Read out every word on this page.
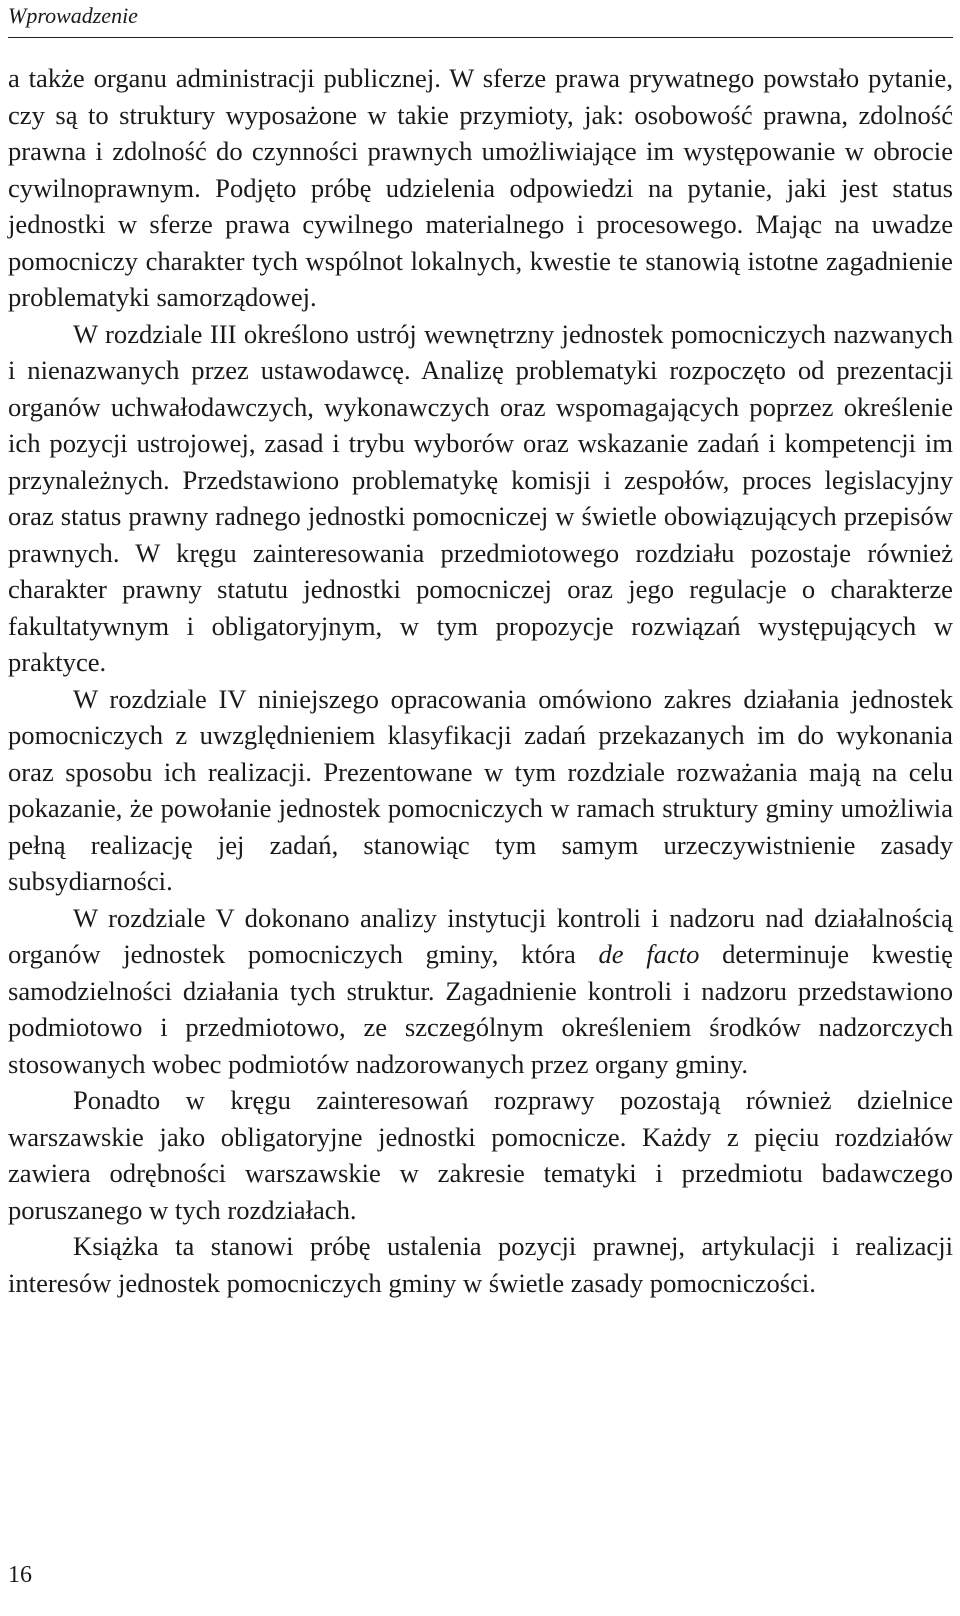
Wprowadzenie

a także organu administracji publicznej. W sferze prawa prywatnego powstało pytanie, czy są to struktury wyposażone w takie przymioty, jak: osobowość prawna, zdolność prawna i zdolność do czynności prawnych umożliwiające im występowanie w obrocie cywilnoprawnym. Podjęto próbę udzielenia odpowiedzi na pytanie, jaki jest status jednostki w sferze prawa cywilnego materialnego i procesowego. Mając na uwadze pomocniczy charakter tych wspólnot lokalnych, kwestie te stanowią istotne zagadnienie problematyki samorządowej.

W rozdziale III określono ustrój wewnętrzny jednostek pomocniczych nazwanych i nienazwanych przez ustawodawcę. Analizę problematyki rozpoczęto od prezentacji organów uchwałodawczych, wykonawczych oraz wspomagających poprzez określenie ich pozycji ustrojowej, zasad i trybu wyborów oraz wskazanie zadań i kompetencji im przynależnych. Przedstawiono problematykę komisji i zespołów, proces legislacyjny oraz status prawny radnego jednostki pomocniczej w świetle obowiązujących przepisów prawnych. W kręgu zainteresowania przedmiotowego rozdziału pozostaje również charakter prawny statutu jednostki pomocniczej oraz jego regulacje o charakterze fakultatywnym i obligatoryjnym, w tym propozycje rozwiązań występujących w praktyce.

W rozdziale IV niniejszego opracowania omówiono zakres działania jednostek pomocniczych z uwzględnieniem klasyfikacji zadań przekazanych im do wykonania oraz sposobu ich realizacji. Prezentowane w tym rozdziale rozważania mają na celu pokazanie, że powołanie jednostek pomocniczych w ramach struktury gminy umożliwia pełną realizację jej zadań, stanowiąc tym samym urzeczywistnienie zasady subsydiarności.

W rozdziale V dokonano analizy instytucji kontroli i nadzoru nad działalnością organów jednostek pomocniczych gminy, która de facto determinuje kwestię samodzielności działania tych struktur. Zagadnienie kontroli i nadzoru przedstawiono podmiotowo i przedmiotowo, ze szczególnym określeniem środków nadzorczych stosowanych wobec podmiotów nadzorowanych przez organy gminy.

Ponadto w kręgu zainteresowań rozprawy pozostają również dzielnice warszawskie jako obligatoryjne jednostki pomocnicze. Każdy z pięciu rozdziałów zawiera odrębności warszawskie w zakresie tematyki i przedmiotu badawczego poruszanego w tych rozdziałach.

Książka ta stanowi próbę ustalenia pozycji prawnej, artykulacji i realizacji interesów jednostek pomocniczych gminy w świetle zasady pomocniczości.

16
